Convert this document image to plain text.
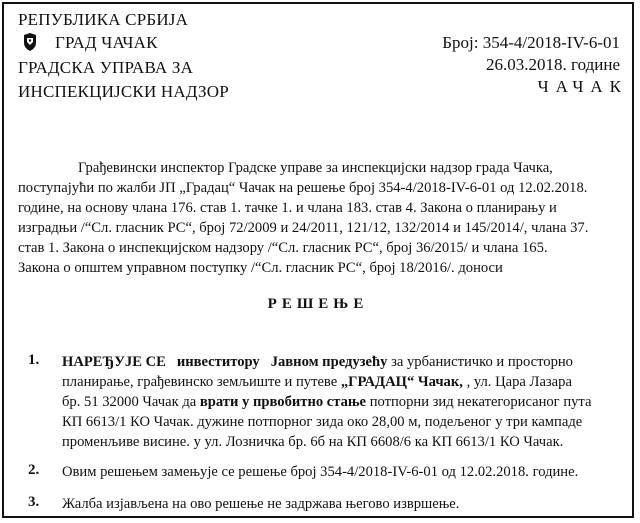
РЕПУБЛИКА СРБИЈА
ГРАД ЧАЧАК
ГРАДСКА УПРАВА ЗА
ИНСПЕКЦИЈСКИ НАДЗОР
Број: 354-4/2018-IV-6-01
26.03.2018. године
ЧАЧАК
Грађевински инспектор Градске управе за инспекцијски надзор града Чачка,
поступајући по жалби ЈП „Градац“ Чачак на решење број 354-4/2018-IV-6-01 од 12.02.2018.
године, на основу члана 176. став 1. тачке 1. и члана 183. став 4. Закона о планирању и
изградњи /“Сл. гласник РС“, број 72/2009 и 24/2011, 121/12, 132/2014 и 145/2014/, члана 37.
став 1. Закона о инспекцијском надзору /“Сл. гласник РС“, број 36/2015/ и члана 165.
Закона о општем управном поступку /“Сл. гласник РС“, број 18/2016/. доноси
РЕШЕЊЕ
1. НАРЕЂУЈЕ СЕ инвеститору Јавном предузећу за урбанистичко и просторно
планирање, грађевинско земљиште и путеве „ГРАДАЦ“ Чачак, , ул. Цара Лазара
бр. 51 32000 Чачак да врати у првобитно стање потпорни зид некатегорисаног пута
КП 6613/1 КО Чачак. дужине потпорног зида око 28,00 м, подељеног у три кампаде
променљиве висине. у ул. Лозничка бр. 6б на КП 6608/6 ка КП 6613/1 КО Чачак.
2. Овим решењем замењује се решење број 354-4/2018-IV-6-01 од 12.02.2018. године.
3. Жалба изјављена на ово решење не задржава његово извршење.
